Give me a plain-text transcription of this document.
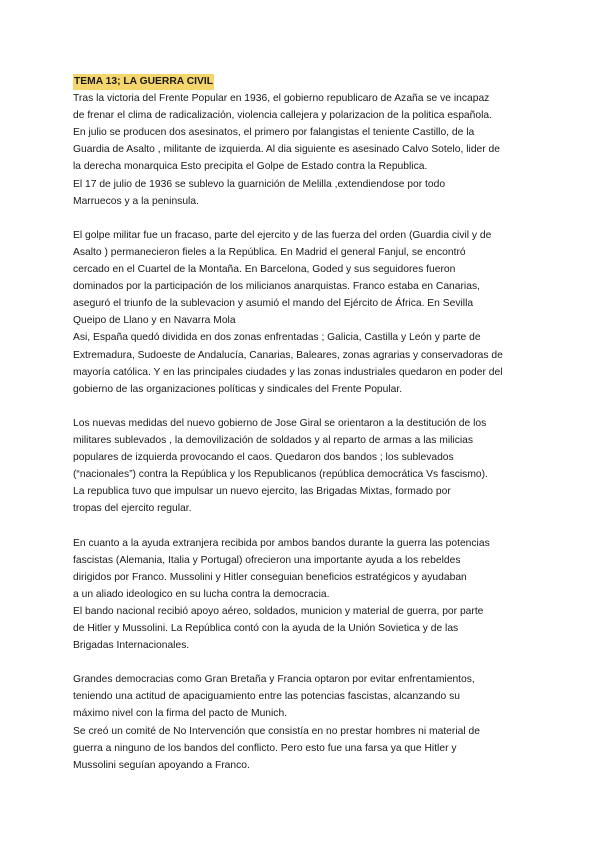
TEMA 13; LA GUERRA CIVIL
Tras la victoria del Frente Popular en 1936, el gobierno republicaro de Azaña se ve incapaz
de frenar el clima de radicalización, violencia callejera y polarizacion de la politica española.
En julio se producen dos asesinatos, el primero por falangistas el teniente Castillo, de la
Guardia de Asalto , militante de izquierda. Al dia siguiente es asesinado Calvo Sotelo, lider de
la derecha monarquica Esto precipita el Golpe de Estado contra la Republica.
El 17 de julio de 1936 se sublevo la guarnición de Melilla ,extendiendose por todo
Marruecos y a la peninsula.
El golpe militar fue un fracaso, parte del ejercito y de las fuerza del orden (Guardia civil y de
Asalto ) permanecieron fieles a la República. En Madrid el general Fanjul, se encontró
cercado en el Cuartel de la Montaña. En Barcelona, Goded y sus seguidores fueron
dominados por la participación de los milicianos anarquistas. Franco estaba en Canarias,
aseguró el triunfo de la sublevacion y asumió el mando del Ejército de África. En Sevilla
Queipo de Llano y en Navarra Mola
Asi, España quedó dividida en dos zonas enfrentadas ; Galicia, Castilla y León y parte de
Extremadura, Sudoeste de Andalucía, Canarias, Baleares, zonas agrarias y conservadoras de
mayoría católica. Y en las principales ciudades y las zonas industriales quedaron en poder del
gobierno de las organizaciones políticas y sindicales del Frente Popular.
Los nuevas medidas del nuevo gobierno de Jose Giral se orientaron a la destitución de los
militares sublevados , la demovilización de soldados y al reparto de armas a las milicias
populares de izquierda provocando el caos. Quedaron dos bandos ; los sublevados
(“nacionales”) contra la República y los Republicanos (república democrática Vs fascismo).
La republica tuvo que impulsar un nuevo ejercito, las Brigadas Mixtas, formado por
tropas del ejercito regular.
En cuanto a la ayuda extranjera recibida por ambos bandos durante la guerra las potencias
fascistas (Alemania, Italia y Portugal) ofrecieron una importante ayuda a los rebeldes
dirigidos por Franco. Mussolini y Hitler conseguian beneficios estratégicos y ayudaban
a un aliado ideologico en su lucha contra la democracia.
El bando nacional recibió apoyo aéreo, soldados, municion y material de guerra, por parte
de Hitler y Mussolini. La República contó con la ayuda de la Unión Sovietica y de las
Brigadas Internacionales.
Grandes democracias como Gran Bretaña y Francia optaron por evitar enfrentamientos,
teniendo una actitud de apaciguamiento entre las potencias fascistas, alcanzando su
máximo nivel con la firma del pacto de Munich.
Se creó un comité de No Intervención que consistía en no prestar hombres ni material de
guerra a ninguno de los bandos del conflicto. Pero esto fue una farsa ya que Hitler y
Mussolini seguían apoyando a Franco.
